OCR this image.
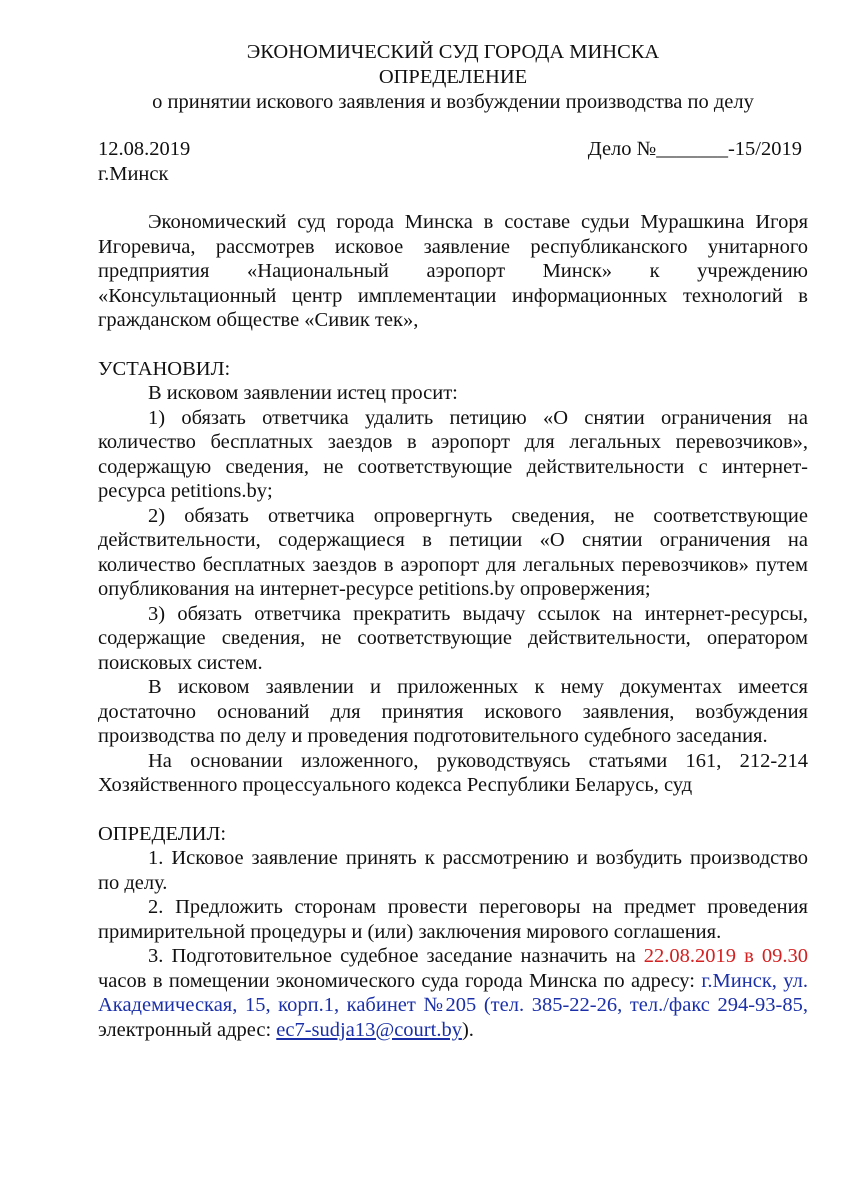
ЭКОНОМИЧЕСКИЙ СУД ГОРОДА МИНСКА
ОПРЕДЕЛЕНИЕ
о принятии искового заявления и возбуждении производства по делу
12.08.2019	Дело №_______-15/2019
г.Минск

Экономический суд города Минска в составе судьи Мурашкина Игоря Игоревича, рассмотрев исковое заявление республиканского унитарного предприятия «Национальный аэропорт Минск» к учреждению «Консультационный центр имплементации информационных технологий в гражданском обществе «Сивик тек»,

УСТАНОВИЛ:

В исковом заявлении истец просит:

1) обязать ответчика удалить петицию «О снятии ограничения на количество бесплатных заездов в аэропорт для легальных перевозчиков», содержащую сведения, не соответствующие действительности с интернет-ресурса petitions.by;

2) обязать ответчика опровергнуть сведения, не соответствующие действительности, содержащиеся в петиции «О снятии ограничения на количество бесплатных заездов в аэропорт для легальных перевозчиков» путем опубликования на интернет-ресурсе petitions.by опровержения;

3) обязать ответчика прекратить выдачу ссылок на интернет-ресурсы, содержащие сведения, не соответствующие действительности, оператором поисковых систем.

В исковом заявлении и приложенных к нему документах имеется достаточно оснований для принятия искового заявления, возбуждения производства по делу и проведения подготовительного судебного заседания.

На основании изложенного, руководствуясь статьями 161, 212-214 Хозяйственного процессуального кодекса Республики Беларусь, суд

ОПРЕДЕЛИЛ:

1. Исковое заявление принять к рассмотрению и возбудить производство по делу.

2. Предложить сторонам провести переговоры на предмет проведения примирительной процедуры и (или) заключения мирового соглашения.

3. Подготовительное судебное заседание назначить на 22.08.2019 в 09.30 часов в помещении экономического суда города Минска по адресу: г.Минск, ул. Академическая, 15, корп.1, кабинет №205 (тел. 385-22-26, тел./факс 294-93-85, электронный адрес: ec7-sudja13@court.by).
